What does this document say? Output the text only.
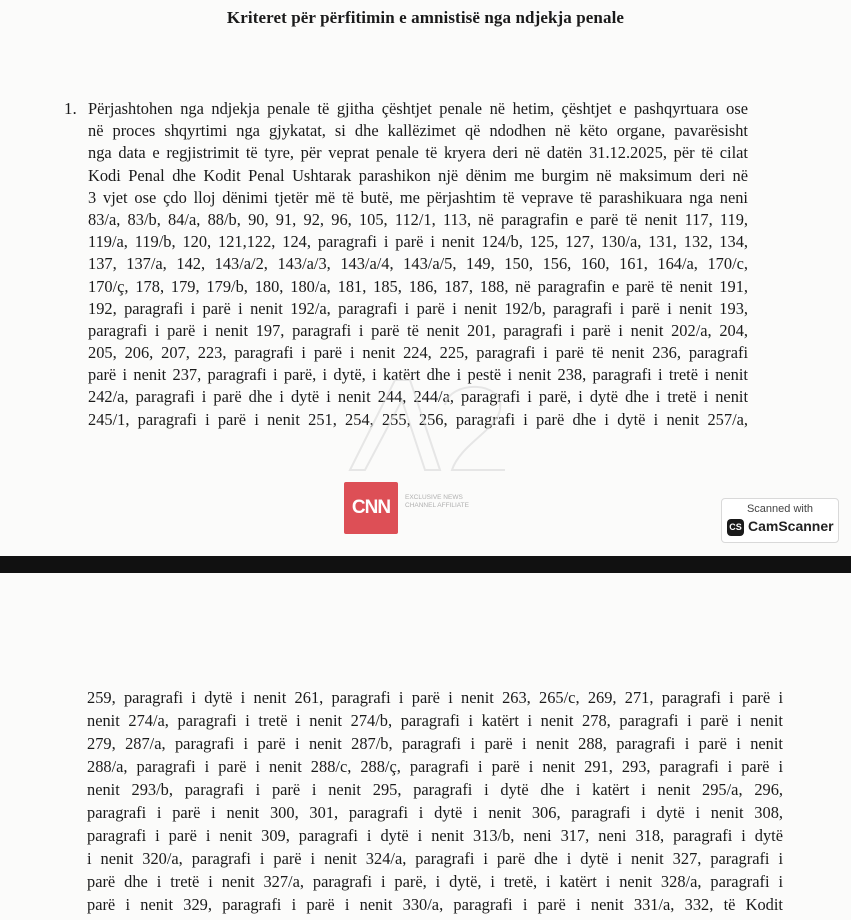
Kriteret për përfitimin e amnistisë nga ndjekja penale
1. Përjashtohen nga ndjekja penale të gjitha çështjet penale në hetim, çështjet e pashqyrtuara ose
në proces shqyrtimi nga gjykatat, si dhe kallëzimet që ndodhen në këto organe, pavarësisht
nga data e regjistrimit të tyre, për veprat penale të kryera deri në datën 31.12.2025, për të cilat
Kodi Penal dhe Kodit Penal Ushtarak parashikon një dënim me burgim në maksimum deri në
3 vjet ose çdo lloj dënimi tjetër më të butë, me përjashtim të veprave të parashikuara nga neni
83/a, 83/b, 84/a, 88/b, 90, 91, 92, 96, 105, 112/1, 113, në paragrafin e parë të nenit 117, 119,
119/a, 119/b, 120, 121,122, 124, paragrafi i parë i nenit 124/b, 125, 127, 130/a, 131, 132, 134,
137, 137/a, 142, 143/a/2, 143/a/3, 143/a/4, 143/a/5, 149, 150, 156, 160, 161, 164/a, 170/c,
170/ç, 178, 179, 179/b, 180, 180/a, 181, 185, 186, 187, 188, në paragrafin e parë të nenit 191,
192, paragrafi i parë i nenit 192/a, paragrafi i parë i nenit 192/b, paragrafi i parë i nenit 193,
paragrafi i parë i nenit 197, paragrafi i parë të nenit 201, paragrafi i parë i nenit 202/a, 204,
205, 206, 207, 223, paragrafi i parë i nenit 224, 225, paragrafi i parë të nenit 236, paragrafi
parë i nenit 237, paragrafi i parë, i dytë, i katërt dhe i pestë i nenit 238, paragrafi i tretë i nenit
242/a, paragrafi i parë dhe i dytë i nenit 244, 244/a, paragrafi i parë, i dytë dhe i tretë i nenit
245/1, paragrafi i parë i nenit 251, 254, 255, 256, paragrafi i parë dhe i dytë i nenit 257/a,
CNN EXCLUSIVE NEWS CHANNEL AFFILIATE	Scanned with
CS CamScanner
259, paragrafi i dytë i nenit 261, paragrafi i parë i nenit 263, 265/c, 269, 271, paragrafi i parë i
nenit 274/a, paragrafi i tretë i nenit 274/b, paragrafi i katërt i nenit 278, paragrafi i parë i nenit
279, 287/a, paragrafi i parë i nenit 287/b, paragrafi i parë i nenit 288, paragrafi i parë i nenit
288/a, paragrafi i parë i nenit 288/c, 288/ç, paragrafi i parë i nenit 291, 293, paragrafi i parë i
nenit 293/b, paragrafi i parë i nenit 295, paragrafi i dytë dhe i katërt i nenit 295/a, 296,
paragrafi i parë i nenit 300, 301, paragrafi i dytë i nenit 306, paragrafi i dytë i nenit 308,
paragrafi i parë i nenit 309, paragrafi i dytë i nenit 313/b, neni 317, neni 318, paragrafi i dytë
i nenit 320/a, paragrafi i parë i nenit 324/a, paragrafi i parë dhe i dytë i nenit 327, paragrafi i
parë dhe i tretë i nenit 327/a, paragrafi i parë, i dytë, i tretë, i katërt i nenit 328/a, paragrafi i
parë i nenit 329, paragrafi i parë i nenit 330/a, paragrafi i parë i nenit 331/a, 332, të Kodit
